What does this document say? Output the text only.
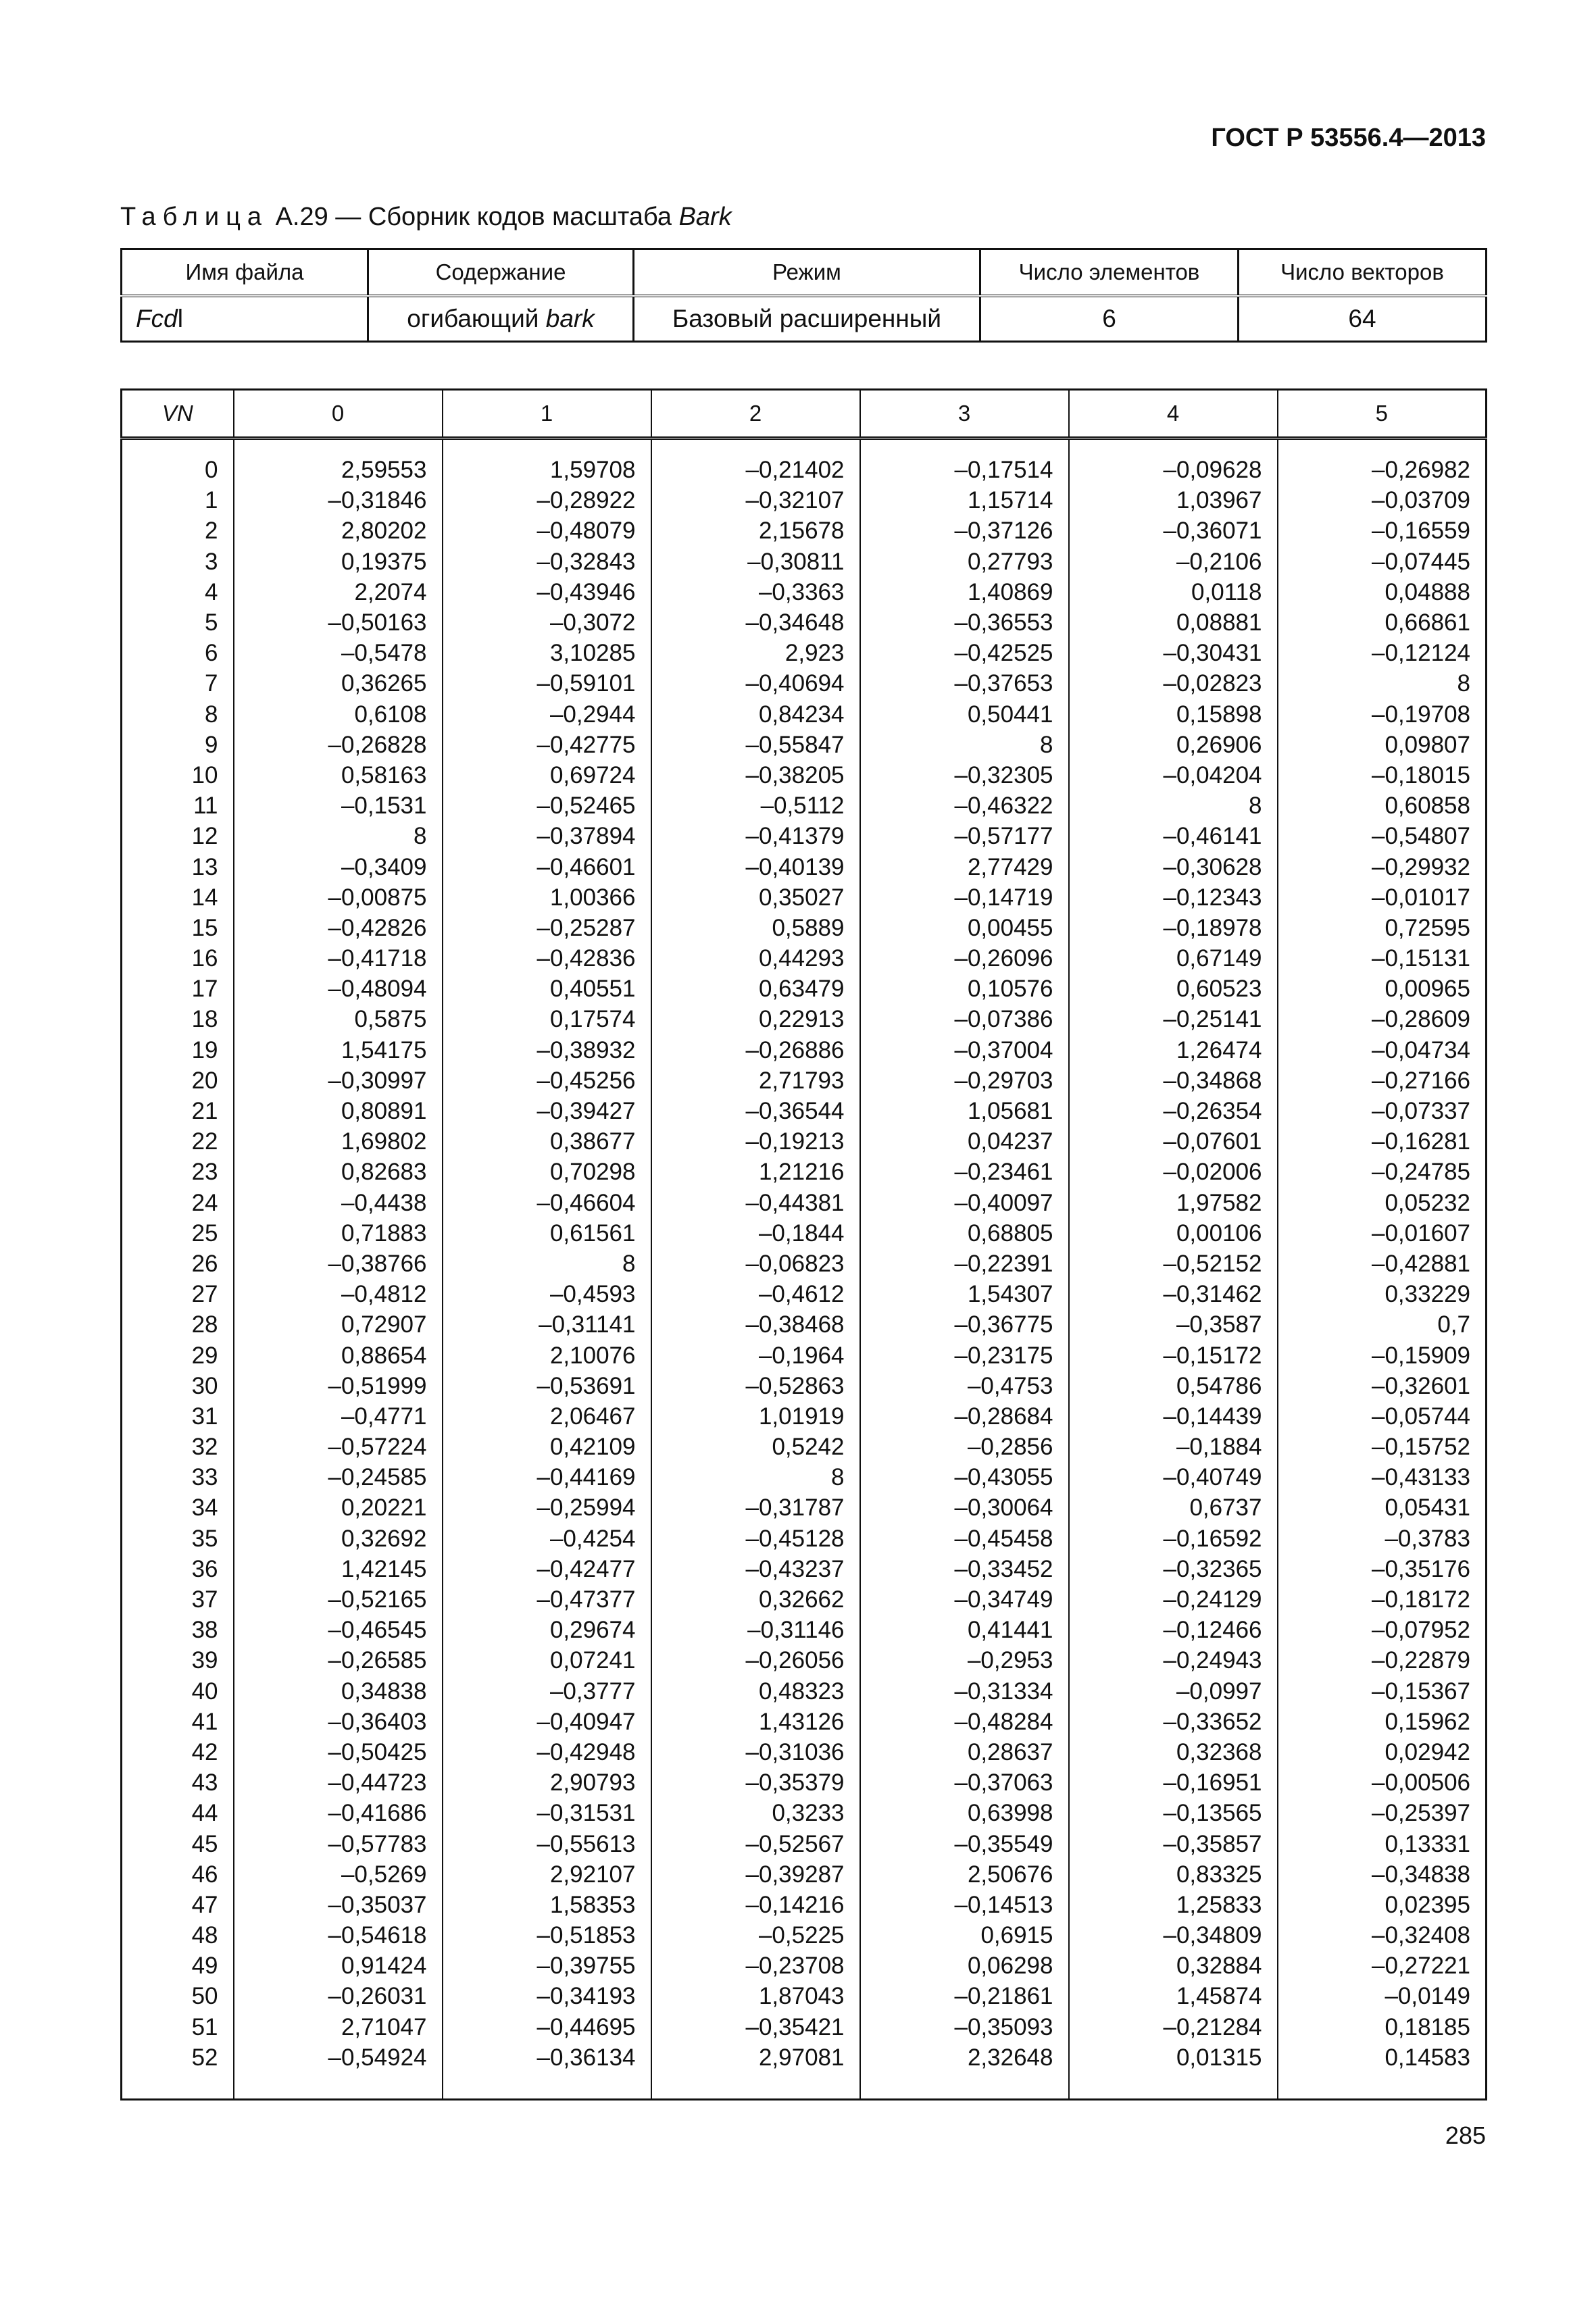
ГОСТ Р 53556.4—2013
Таблица А.29 — Сборник кодов масштаба Bark
Имя файла	Содержание	Режим	Число элементов	Число векторов
Fcdl	огибающий bark	Базовый расширенный	6	64
VN	0	1	2	3	4	5
0	2,59553	1,59708	–0,21402	–0,17514	–0,09628	–0,26982
1	–0,31846	–0,28922	–0,32107	1,15714	1,03967	–0,03709
2	2,80202	–0,48079	2,15678	–0,37126	–0,36071	–0,16559
3	0,19375	–0,32843	–0,30811	0,27793	–0,2106	–0,07445
4	2,2074	–0,43946	–0,3363	1,40869	0,0118	0,04888
5	–0,50163	–0,3072	–0,34648	–0,36553	0,08881	0,66861
6	–0,5478	3,10285	2,923	–0,42525	–0,30431	–0,12124
7	0,36265	–0,59101	–0,40694	–0,37653	–0,02823	8
8	0,6108	–0,2944	0,84234	0,50441	0,15898	–0,19708
9	–0,26828	–0,42775	–0,55847	8	0,26906	0,09807
10	0,58163	0,69724	–0,38205	–0,32305	–0,04204	–0,18015
11	–0,1531	–0,52465	–0,5112	–0,46322	8	0,60858
12	8	–0,37894	–0,41379	–0,57177	–0,46141	–0,54807
13	–0,3409	–0,46601	–0,40139	2,77429	–0,30628	–0,29932
14	–0,00875	1,00366	0,35027	–0,14719	–0,12343	–0,01017
15	–0,42826	–0,25287	0,5889	0,00455	–0,18978	0,72595
16	–0,41718	–0,42836	0,44293	–0,26096	0,67149	–0,15131
17	–0,48094	0,40551	0,63479	0,10576	0,60523	0,00965
18	0,5875	0,17574	0,22913	–0,07386	–0,25141	–0,28609
19	1,54175	–0,38932	–0,26886	–0,37004	1,26474	–0,04734
20	–0,30997	–0,45256	2,71793	–0,29703	–0,34868	–0,27166
21	0,80891	–0,39427	–0,36544	1,05681	–0,26354	–0,07337
22	1,69802	0,38677	–0,19213	0,04237	–0,07601	–0,16281
23	0,82683	0,70298	1,21216	–0,23461	–0,02006	–0,24785
24	–0,4438	–0,46604	–0,44381	–0,40097	1,97582	0,05232
25	0,71883	0,61561	–0,1844	0,68805	0,00106	–0,01607
26	–0,38766	8	–0,06823	–0,22391	–0,52152	–0,42881
27	–0,4812	–0,4593	–0,4612	1,54307	–0,31462	0,33229
28	0,72907	–0,31141	–0,38468	–0,36775	–0,3587	0,7
29	0,88654	2,10076	–0,1964	–0,23175	–0,15172	–0,15909
30	–0,51999	–0,53691	–0,52863	–0,4753	0,54786	–0,32601
31	–0,4771	2,06467	1,01919	–0,28684	–0,14439	–0,05744
32	–0,57224	0,42109	0,5242	–0,2856	–0,1884	–0,15752
33	–0,24585	–0,44169	8	–0,43055	–0,40749	–0,43133
34	0,20221	–0,25994	–0,31787	–0,30064	0,6737	0,05431
35	0,32692	–0,4254	–0,45128	–0,45458	–0,16592	–0,3783
36	1,42145	–0,42477	–0,43237	–0,33452	–0,32365	–0,35176
37	–0,52165	–0,47377	0,32662	–0,34749	–0,24129	–0,18172
38	–0,46545	0,29674	–0,31146	0,41441	–0,12466	–0,07952
39	–0,26585	0,07241	–0,26056	–0,2953	–0,24943	–0,22879
40	0,34838	–0,3777	0,48323	–0,31334	–0,0997	–0,15367
41	–0,36403	–0,40947	1,43126	–0,48284	–0,33652	0,15962
42	–0,50425	–0,42948	–0,31036	0,28637	0,32368	0,02942
43	–0,44723	2,90793	–0,35379	–0,37063	–0,16951	–0,00506
44	–0,41686	–0,31531	0,3233	0,63998	–0,13565	–0,25397
45	–0,57783	–0,55613	–0,52567	–0,35549	–0,35857	0,13331
46	–0,5269	2,92107	–0,39287	2,50676	0,83325	–0,34838
47	–0,35037	1,58353	–0,14216	–0,14513	1,25833	0,02395
48	–0,54618	–0,51853	–0,5225	0,6915	–0,34809	–0,32408
49	0,91424	–0,39755	–0,23708	0,06298	0,32884	–0,27221
50	–0,26031	–0,34193	1,87043	–0,21861	1,45874	–0,0149
51	2,71047	–0,44695	–0,35421	–0,35093	–0,21284	0,18185
52	–0,54924	–0,36134	2,97081	2,32648	0,01315	0,14583
285
